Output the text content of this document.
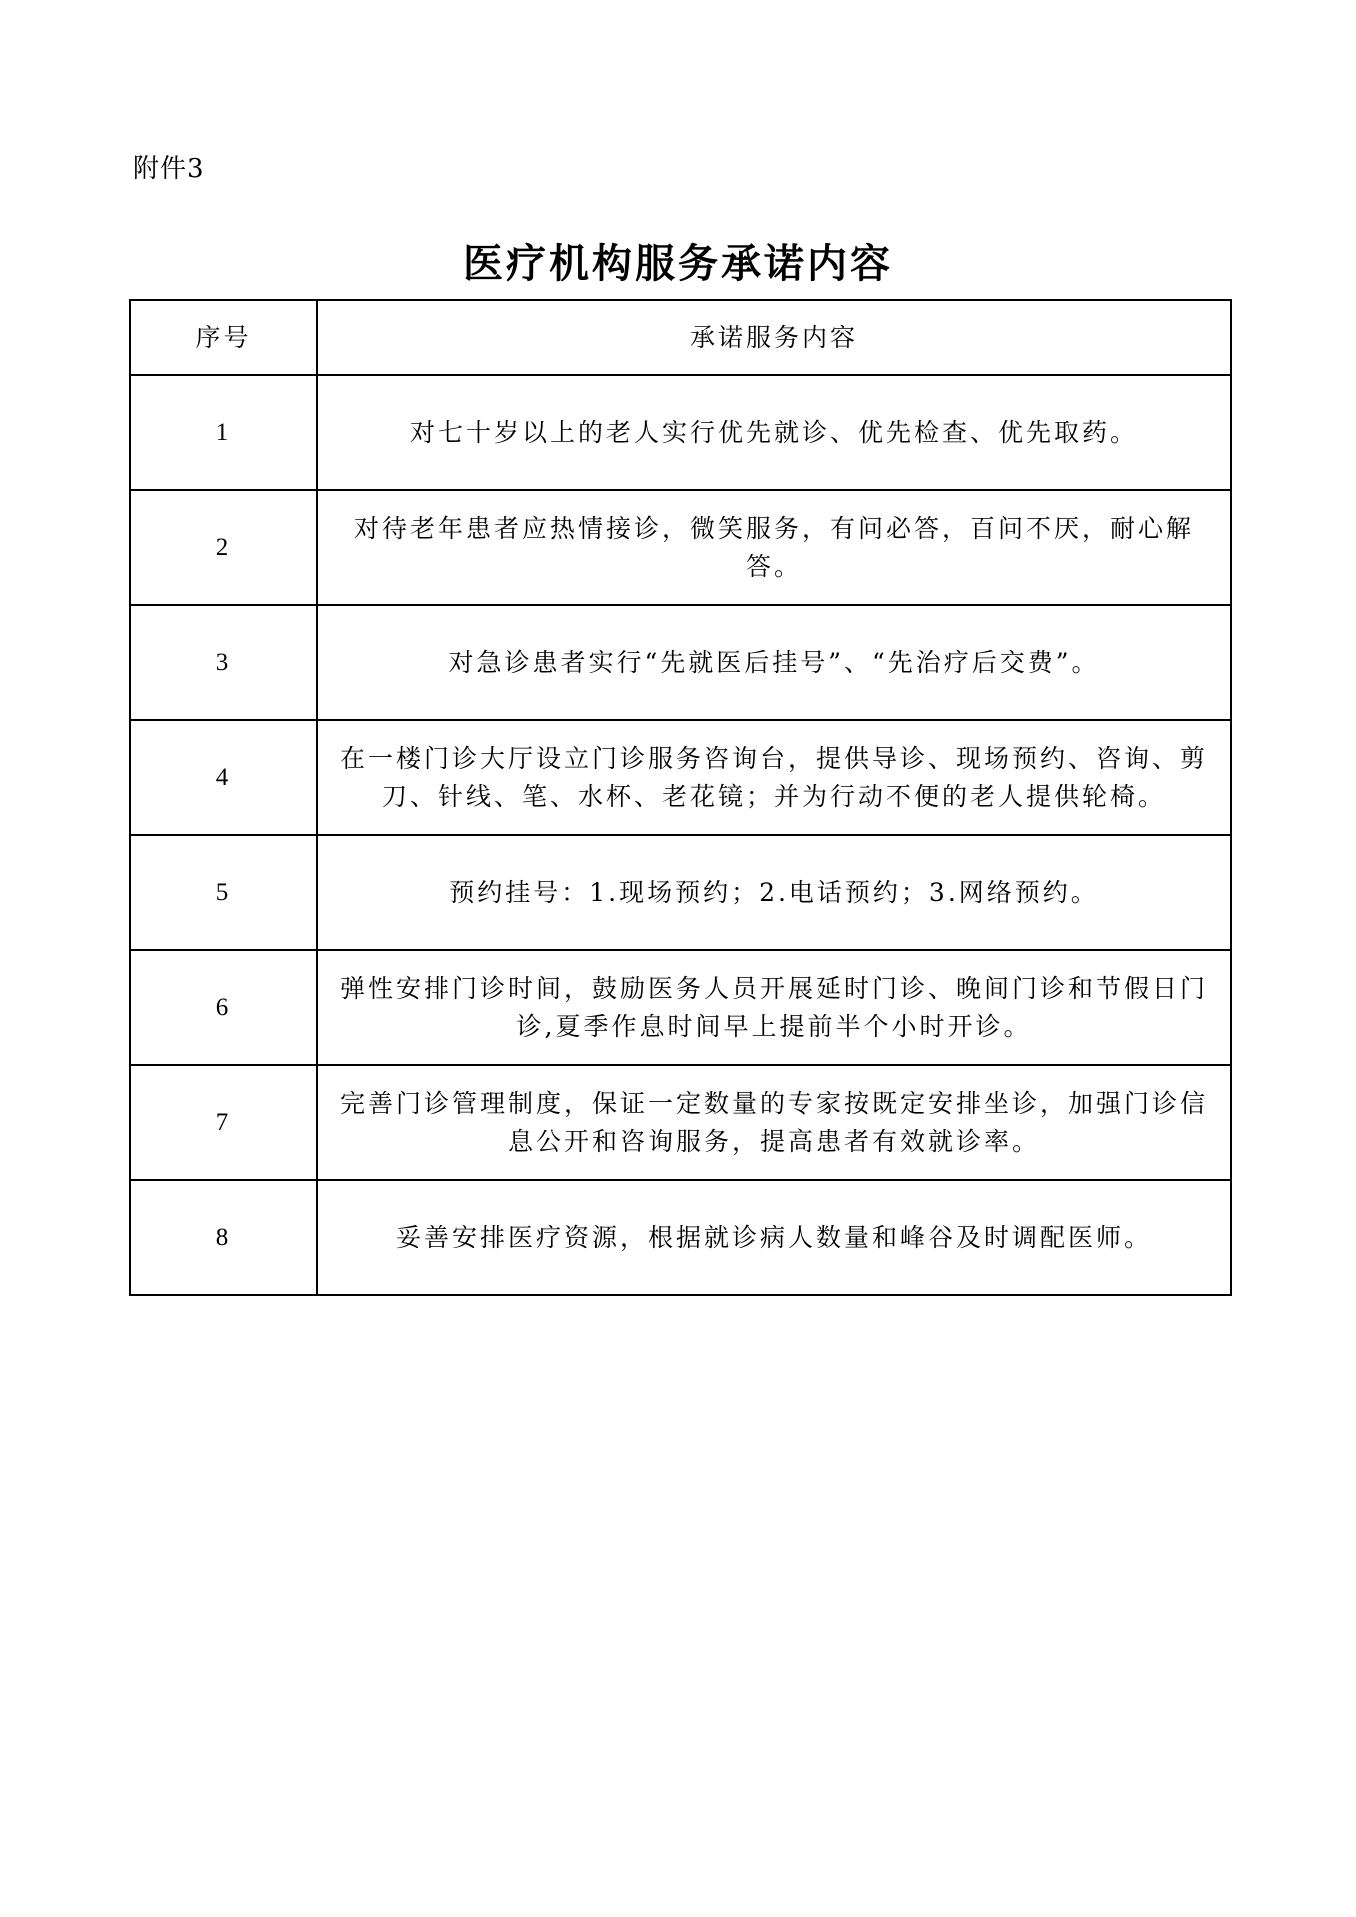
附件3
医疗机构服务承诺内容
序号	承诺服务内容
1	对七十岁以上的老人实行优先就诊、优先检查、优先取药。
2	对待老年患者应热情接诊，微笑服务，有问必答，百问不厌，耐心解答。
3	对急诊患者实行“先就医后挂号”、“先治疗后交费”。
4	在一楼门诊大厅设立门诊服务咨询台，提供导诊、现场预约、咨询、剪刀、针线、笔、水杯、老花镜；并为行动不便的老人提供轮椅。
5	预约挂号：1.现场预约；2.电话预约；3.网络预约。
6	弹性安排门诊时间，鼓励医务人员开展延时门诊、晚间门诊和节假日门诊,夏季作息时间早上提前半个小时开诊。
7	完善门诊管理制度，保证一定数量的专家按既定安排坐诊，加强门诊信息公开和咨询服务，提高患者有效就诊率。
8	妥善安排医疗资源，根据就诊病人数量和峰谷及时调配医师。
